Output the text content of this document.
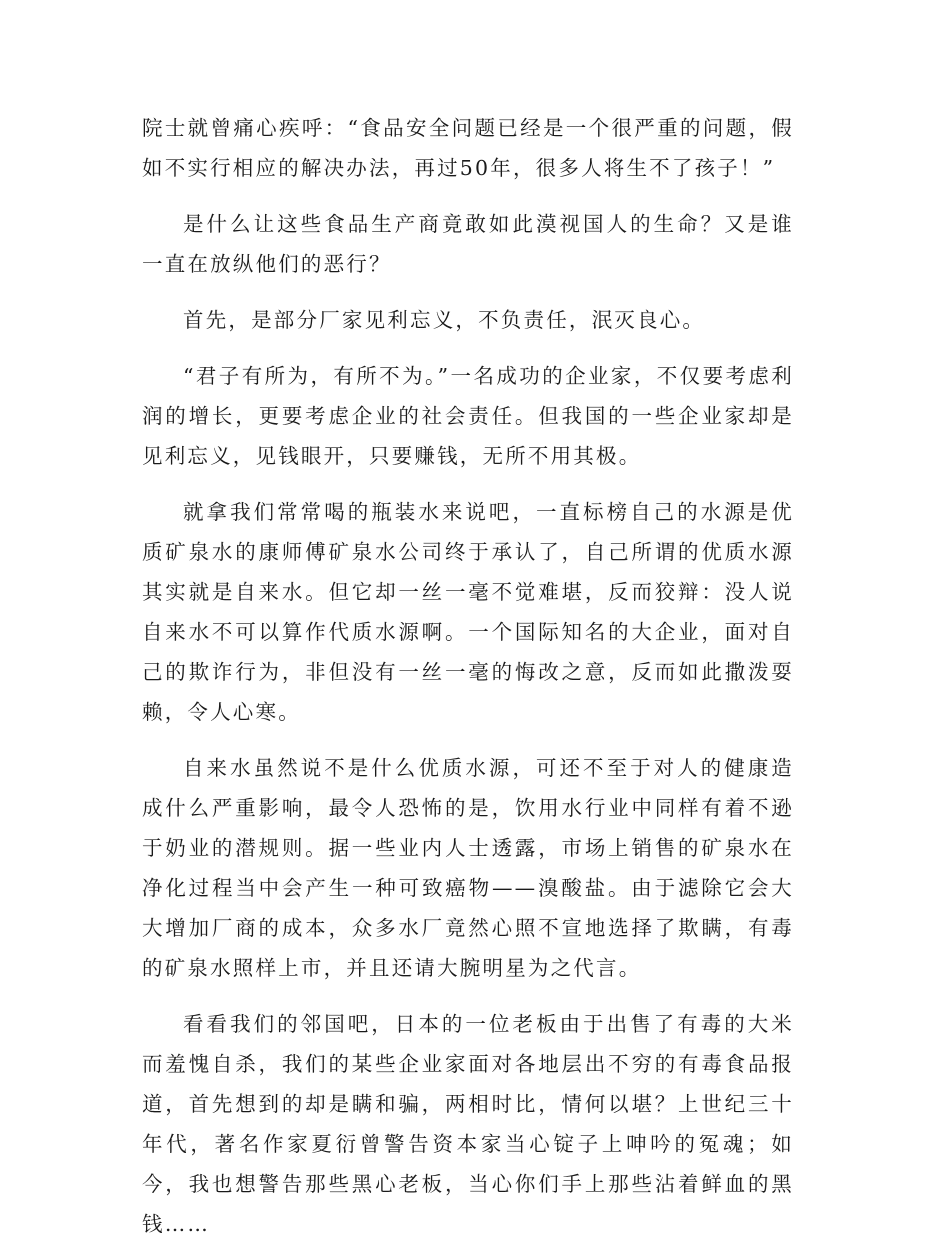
院士就曾痛心疾呼：“食品安全问题已经是一个很严重的问题，假如不实行相应的解决办法，再过50年，很多人将生不了孩子！”

是什么让这些食品生产商竟敢如此漠视国人的生命？又是谁一直在放纵他们的恶行？

首先，是部分厂家见利忘义，不负责任，泯灭良心。

“君子有所为，有所不为。”一名成功的企业家，不仅要考虑利润的增长，更要考虑企业的社会责任。但我国的一些企业家却是见利忘义，见钱眼开，只要赚钱，无所不用其极。

就拿我们常常喝的瓶装水来说吧，一直标榜自己的水源是优质矿泉水的康师傅矿泉水公司终于承认了，自己所谓的优质水源其实就是自来水。但它却一丝一毫不觉难堪，反而狡辩：没人说自来水不可以算作代质水源啊。一个国际知名的大企业，面对自己的欺诈行为，非但没有一丝一毫的悔改之意，反而如此撒泼耍赖，令人心寒。

自来水虽然说不是什么优质水源，可还不至于对人的健康造成什么严重影响，最令人恐怖的是，饮用水行业中同样有着不逊于奶业的潜规则。据一些业内人士透露，市场上销售的矿泉水在净化过程当中会产生一种可致癌物——溴酸盐。由于滤除它会大大增加厂商的成本，众多水厂竟然心照不宣地选择了欺瞒，有毒的矿泉水照样上市，并且还请大腕明星为之代言。

看看我们的邻国吧，日本的一位老板由于出售了有毒的大米而羞愧自杀，我们的某些企业家面对各地层出不穷的有毒食品报道，首先想到的却是瞒和骗，两相时比，情何以堪？上世纪三十年代，著名作家夏衍曾警告资本家当心锭子上呻吟的冤魂；如今，我也想警告那些黑心老板，当心你们手上那些沾着鲜血的黑钱……
